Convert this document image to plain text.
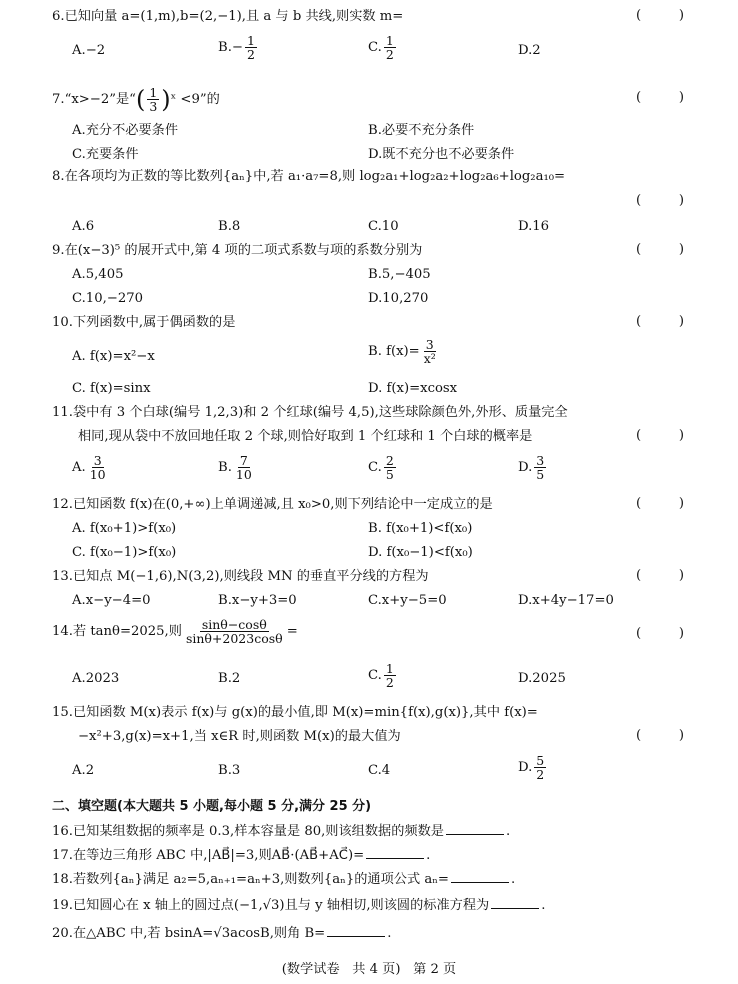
6.已知向量 a=(1,m),b=(2,−1),且 a 与 b 共线,则实数 m=
( )
A.−2	$B.- \frac{1}{2}$	C. $\frac{1}{2}$	D.2
7.“x>−2”是“( $\frac{1}{3}$ )ˣ <9”的
( )
A.充分不必要条件	B.必要不充分条件
C.充要条件	D.既不充分也不必要条件
8.在各项均为正数的等比数列{aₙ}中,若 a₁·a₇=8,则 log₂a₁+log₂a₂+log₂a₆+log₂a₁₀=
( )
A.6	B.8	C.10	D.16
9.在(x−3)⁵ 的展开式中,第 4 项的二项式系数与项的系数分别为
( )
A.5,405	B.5,−405
C.10,−270	D.10,270
10.下列函数中,属于偶函数的是
( )
A. f(x)=x²−x	B. $f(x)= \frac{3}{\text{x²}}$
C. f(x)=sinx	D. f(x)=xcosx
11.袋中有 3 个白球(编号 1,2,3)和 2 个红球(编号 4,5),这些球除颜色外,外形、质量完全
相同,现从袋中不放回地任取 2 个球,则恰好取到 1 个红球和 1 个白球的概率是
( )
A. $\frac{3}{10}$	B. $\frac{7}{10}$	C. $\frac{2}{5}$	D. $\frac{3}{5}$
12.已知函数 f(x)在(0,+∞)上单调递减,且 x₀>0,则下列结论中一定成立的是
( )
A. f(x₀+1)>f(x₀)	B. f(x₀+1)<f(x₀)
C. f(x₀−1)>f(x₀)	D. f(x₀−1)<f(x₀)
13.已知点 M(−1,6),N(3,2),则线段 MN 的垂直平分线的方程为
( )
A.x−y−4=0	B.x−y+3=0	C.x+y−5=0	D.x+4y−17=0
14.若 tanθ=2025,则 $\frac{\sin\theta-\cos\theta}{\sin\theta+2023\cos\theta}$ =
( )
A.2023	B.2	C. $\frac{1}{2}$	D.2025
15.已知函数 M(x)表示 f(x)与 g(x)的最小值,即 M(x)=min{f(x),g(x)},其中 f(x)=
−x²+3,g(x)=x+1,当 x∈R 时,则函数 M(x)的最大值为
( )
A.2	B.3	C.4	D. $\frac{5}{2}$
二、填空题(本大题共 5 小题,每小题 5 分,满分 25 分)
16.已知某组数据的频率是 0.3,样本容量是 80,则该组数据的频数是	.
17.在等边三角形 ABC 中,|AB⃗|=3,则AB⃗·(AB⃗+AC⃗)=	.
18.若数列{aₙ}满足 a₂=5,aₙ₊₁=aₙ+3,则数列{aₙ}的通项公式 aₙ=	.
19.已知圆心在 x 轴上的圆过点(−1,√3)且与 y 轴相切,则该圆的标准方程为	.
20.在△ABC 中,若 bsinA=√3acosB,则角 B=	.
(数学试卷   共 4 页)   第 2 页
